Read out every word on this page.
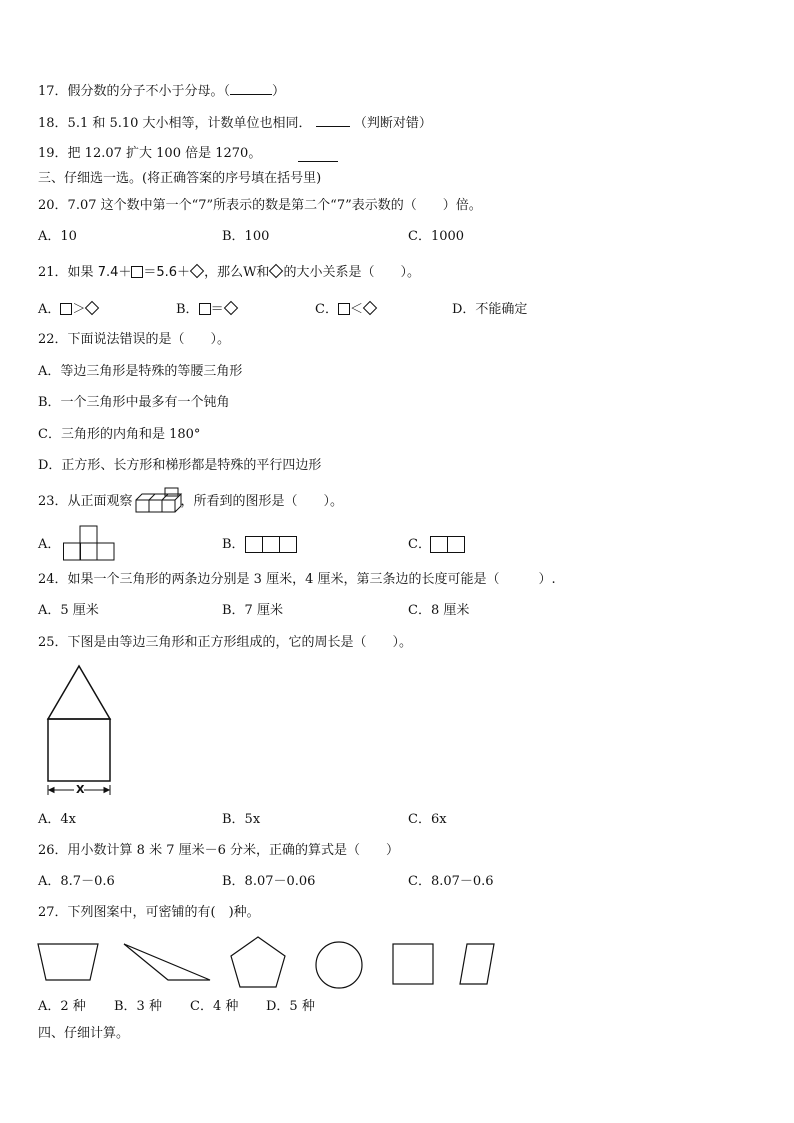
17．假分数的分子不小于分母。（	）
18．5.1 和 5.10 大小相等，计数单位也相同．	（判断对错）
19．把 12.07 扩大 100 倍是 1270。
三、仔细选一选。(将正确答案的序号填在括号里)
20．7.07 这个数中第一个“7”所表示的数是第二个“7”表示数的（　　）倍。
A．10	B．100	C．1000
21．如果 7.4＋ ＝5.6＋ ，那么W和 的大小关系是（　　）。
A． ＞	B． ＝	C． ＜	D．不能确定
22．下面说法错误的是（　　）。
A．等边三角形是特殊的等腰三角形
B．一个三角形中最多有一个钝角
C．三角形的内角和是 180°
D．正方形、长方形和梯形都是特殊的平行四边形
23．从正面观察	，所看到的图形是（　　）。
A．	B．	C．
24．如果一个三角形的两条边分别是 3 厘米，4 厘米，第三条边的长度可能是（　　　）.
A．5 厘米	B．7 厘米	C．8 厘米
25．下图是由等边三角形和正方形组成的，它的周长是（　　）。
X
A．4x	B．5x	C．6x
26．用小数计算 8 米 7 厘米－6 分米，正确的算式是（　　）
A．8.7－0.6	B．8.07－0.06	C．8.07－0.6
27．下列图案中，可密铺的有(　)种。
A．2 种 B．3 种 C．4 种 D．5 种
四、仔细计算。
